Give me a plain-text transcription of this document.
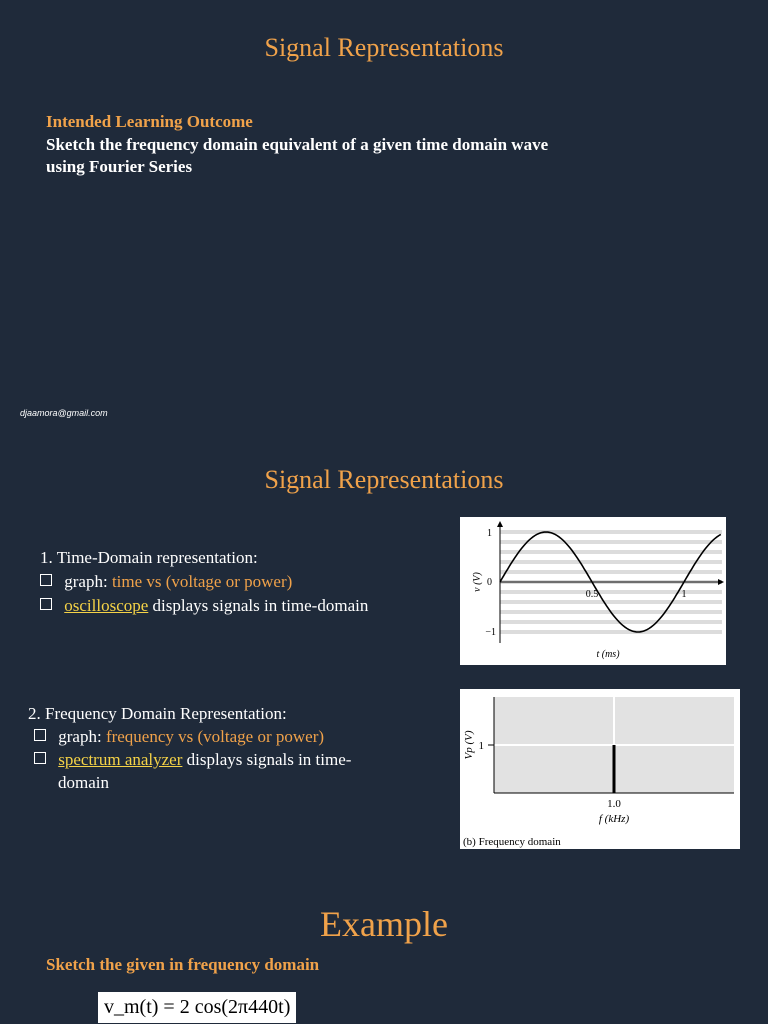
Signal Representations
Intended Learning Outcome
Sketch the frequency domain equivalent of a given time domain wave
using Fourier Series
djaamora@gmail.com
Signal Representations
1. Time-Domain representation:
graph: time vs (voltage or power)
oscilloscope displays signals in time-domain
1
0
−1
0.5	1
t (ms)
v (V)
2. Frequency Domain Representation:
graph: frequency vs (voltage or power)
spectrum analyzer displays signals in time-
domain
1
1.0
f (kHz)
Vp (V)
(b) Frequency domain
Example
Sketch the given in frequency domain
v_m(t) = 2 cos(2π440t)
